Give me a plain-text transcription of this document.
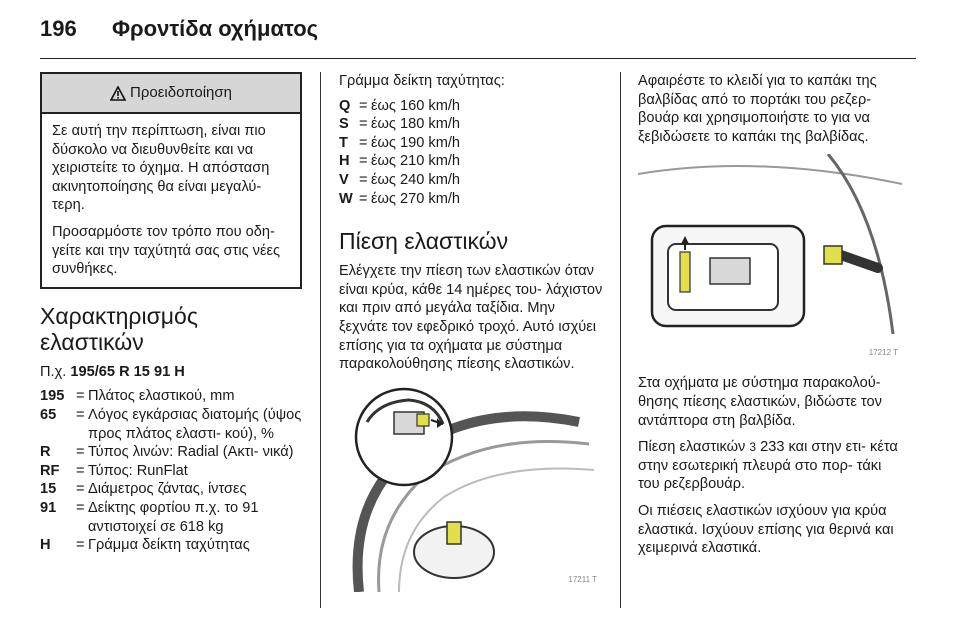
196	Φροντίδα οχήματος
Προειδοποίηση

Σε αυτή την περίπτωση, είναι πιο δύσκολο να διευθυνθείτε και να χειριστείτε το όχημα. Η απόσταση ακινητοποίησης θα είναι μεγαλύ- τερη.

Προσαρμόστε τον τρόπο που οδη- γείτε και την ταχύτητά σας στις νέες συνθήκες.

Χαρακτηρισμός ελαστικών
Π.χ. 195/65 R 15 91 H
195 = Πλάτος ελαστικού, mm
65	= Λόγος εγκάρσιας διατομής (ύψος προς πλάτος ελαστι- κού), %
R	= Τύπος λινών: Radial (Ακτι- νικά)
RF	= Τύπος: RunFlat
15	= Διάμετρος ζάντας, ίντσες
91	= Δείκτης φορτίου π.χ. το 91 αντιστοιχεί σε 618 kg
H	= Γράμμα δείκτη ταχύτητας

Γράμμα δείκτη ταχύτητας:

Q = έως 160 km/h
S = έως 180 km/h
T = έως 190 km/h
H = έως 210 km/h
V = έως 240 km/h
W = έως 270 km/h
Πίεση ελαστικών

Ελέγχετε την πίεση των ελαστικών όταν είναι κρύα, κάθε 14 ημέρες του- λάχιστον και πριν από μεγάλα ταξίδια. Μην ξεχνάτε τον εφεδρικό τροχό. Αυτό ισχύει επίσης για τα οχήματα με σύστημα παρακολούθησης πίεσης ελαστικών.

17211 T

Αφαιρέστε το κλειδί για το καπάκι της βαλβίδας από το πορτάκι του ρεζερ- βουάρ και χρησιμοποιήστε το για να ξεβιδώσετε το καπάκι της βαλβίδας.

17212 T

Στα οχήματα με σύστημα παρακολού- θησης πίεσης ελαστικών, βιδώστε τον αντάπτορα στη βαλβίδα.

Πίεση ελαστικών 3 233 και στην ετι- κέτα στην εσωτερική πλευρά στο πορ- τάκι του ρεζερβουάρ.

Οι πιέσεις ελαστικών ισχύουν για κρύα ελαστικά. Ισχύουν επίσης για θερινά και χειμερινά ελαστικά.
